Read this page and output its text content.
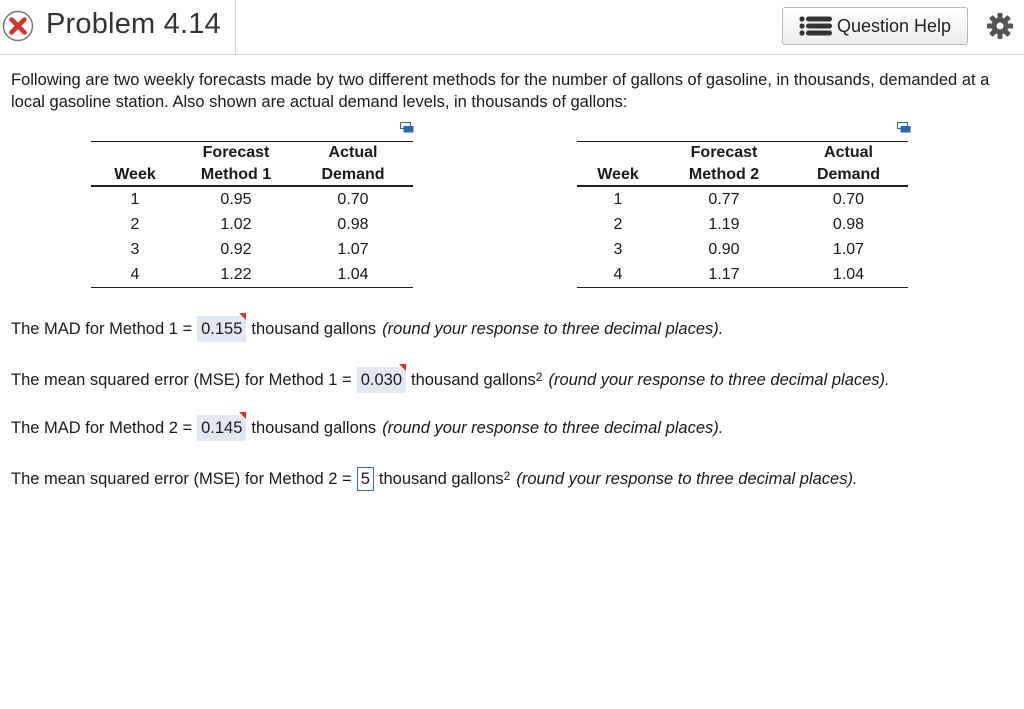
Problem 4.14	Question Help
Following are two weekly forecasts made by two different methods for the number of gallons of gasoline, in thousands, demanded at a local gasoline station. Also shown are actual demand levels, in thousands of gallons:
	Forecast	Actual
Week	Method 1	Demand
1	0.95	0.70
2	1.02	0.98
3	0.92	1.07
4	1.22	1.04
	Forecast	Actual
Week	Method 2	Demand
1	0.77	0.70
2	1.19	0.98
3	0.90	1.07
4	1.17	1.04
The MAD for Method 1 = 0.155 thousand gallons (round your response to three decimal places).
The mean squared error (MSE) for Method 1 = 0.030 thousand gallons$^2$ (round your response to three decimal places).
The MAD for Method 2 = 0.145 thousand gallons (round your response to three decimal places).
The mean squared error (MSE) for Method 2 = 5 thousand gallons$^2$ (round your response to three decimal places).
